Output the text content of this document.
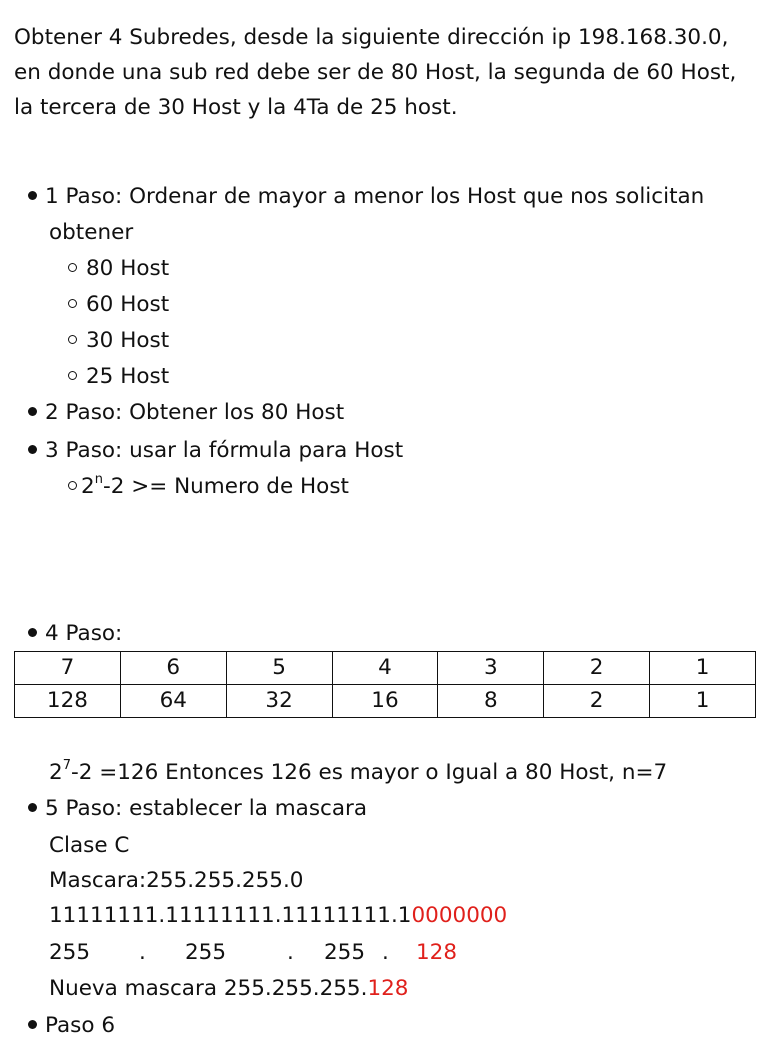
Obtener 4 Subredes, desde la siguiente dirección ip 198.168.30.0,
en donde una sub red debe ser de 80 Host, la segunda de 60 Host,
la tercera de 30 Host y la 4Ta de 25 host.
1 Paso: Ordenar de mayor a menor los Host que nos solicitan
obtener
80 Host
60 Host
30 Host
25 Host
2 Paso: Obtener los 80 Host
3 Paso: usar la fórmula para Host
$2^n-2$ >= Numero de Host
4 Paso:
7	6	5	4	3	2	1
128	64	32	16	8	2	1
$2^7-2 =126$ Entonces 126 es mayor o Igual a 80 Host, n=7
5 Paso: establecer la mascara
Clase C
Mascara:255.255.255.0
11111111.11111111.11111111.10000000
255 . 255	. 255 . 128
Nueva mascara 255.255.255.128
Paso 6
